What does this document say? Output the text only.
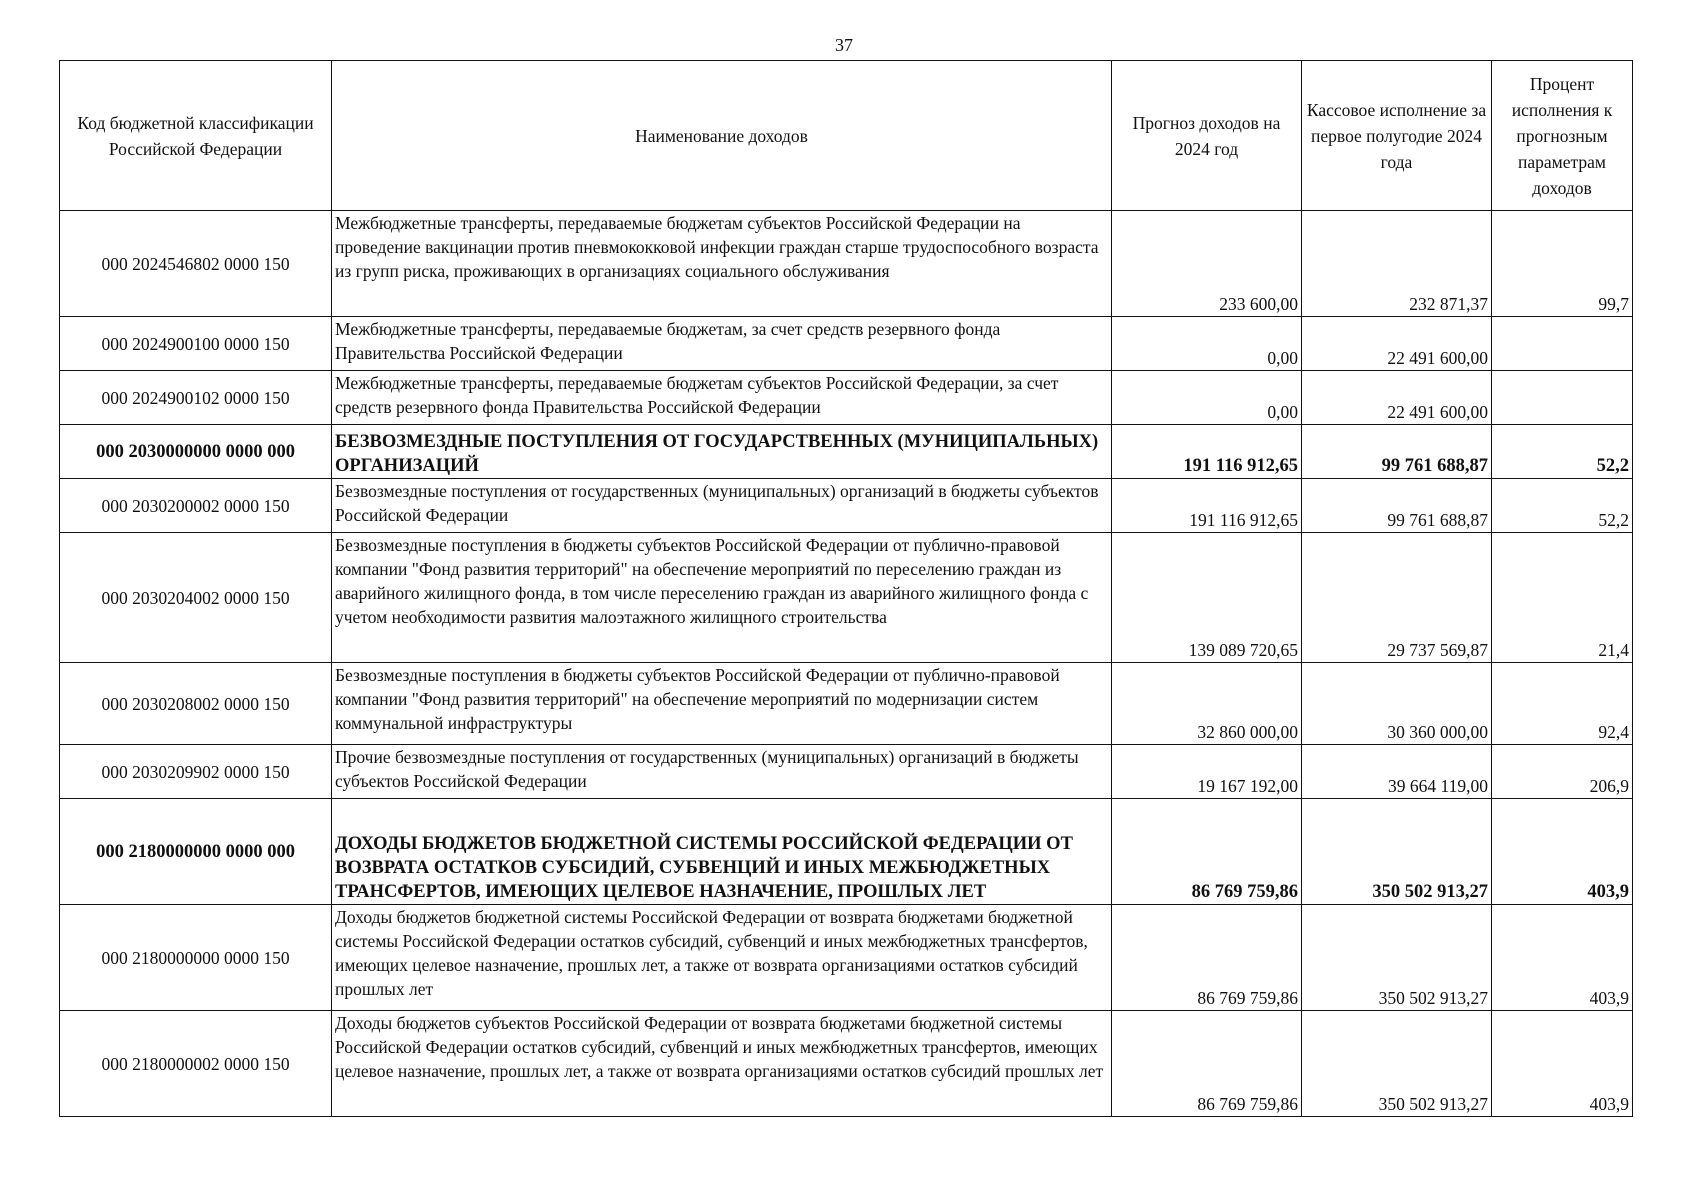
37
Код бюджетной классификации Российской Федерации	Наименование доходов	Прогноз доходов на 2024 год	Кассовое исполнение за первое полугодие 2024 года	Процент исполнения к прогнозным параметрам доходов
000 2024546802 0000 150	Межбюджетные трансферты, передаваемые бюджетам субъектов Российской Федерации на проведение вакцинации против пневмококковой инфекции граждан старше трудоспособного возраста из групп риска, проживающих в организациях социального обслуживания	233 600,00	232 871,37	99,7
000 2024900100 0000 150	Межбюджетные трансферты, передаваемые бюджетам, за счет средств резервного фонда Правительства Российской Федерации	0,00	22 491 600,00	
000 2024900102 0000 150	Межбюджетные трансферты, передаваемые бюджетам субъектов Российской Федерации, за счет средств резервного фонда Правительства Российской Федерации	0,00	22 491 600,00	
000 2030000000 0000 000	БЕЗВОЗМЕЗДНЫЕ ПОСТУПЛЕНИЯ ОТ ГОСУДАРСТВЕННЫХ (МУНИЦИПАЛЬНЫХ) ОРГАНИЗАЦИЙ	191 116 912,65	99 761 688,87	52,2
000 2030200002 0000 150	Безвозмездные поступления от государственных (муниципальных) организаций в бюджеты субъектов Российской Федерации	191 116 912,65	99 761 688,87	52,2
000 2030204002 0000 150	Безвозмездные поступления в бюджеты субъектов Российской Федерации от публично-правовой компании "Фонд развития территорий" на обеспечение мероприятий по переселению граждан из аварийного жилищного фонда, в том числе переселению граждан из аварийного жилищного фонда с учетом необходимости развития малоэтажного жилищного строительства	139 089 720,65	29 737 569,87	21,4
000 2030208002 0000 150	Безвозмездные поступления в бюджеты субъектов Российской Федерации от публично-правовой компании "Фонд развития территорий" на обеспечение мероприятий по модернизации систем коммунальной инфраструктуры	32 860 000,00	30 360 000,00	92,4
000 2030209902 0000 150	Прочие безвозмездные поступления от государственных (муниципальных) организаций в бюджеты субъектов Российской Федерации	19 167 192,00	39 664 119,00	206,9
000 2180000000 0000 000	ДОХОДЫ БЮДЖЕТОВ БЮДЖЕТНОЙ СИСТЕМЫ РОССИЙСКОЙ ФЕДЕРАЦИИ ОТ ВОЗВРАТА ОСТАТКОВ СУБСИДИЙ, СУБВЕНЦИЙ И ИНЫХ МЕЖБЮДЖЕТНЫХ ТРАНСФЕРТОВ, ИМЕЮЩИХ ЦЕЛЕВОЕ НАЗНАЧЕНИЕ, ПРОШЛЫХ ЛЕТ	86 769 759,86	350 502 913,27	403,9
000 2180000000 0000 150	Доходы бюджетов бюджетной системы Российской Федерации от возврата бюджетами бюджетной системы Российской Федерации остатков субсидий, субвенций и иных межбюджетных трансфертов, имеющих целевое назначение, прошлых лет, а также от возврата организациями остатков субсидий прошлых лет	86 769 759,86	350 502 913,27	403,9
000 2180000002 0000 150	Доходы бюджетов субъектов Российской Федерации от возврата бюджетами бюджетной системы Российской Федерации остатков субсидий, субвенций и иных межбюджетных трансфертов, имеющих целевое назначение, прошлых лет, а также от возврата организациями остатков субсидий прошлых лет	86 769 759,86	350 502 913,27	403,9
